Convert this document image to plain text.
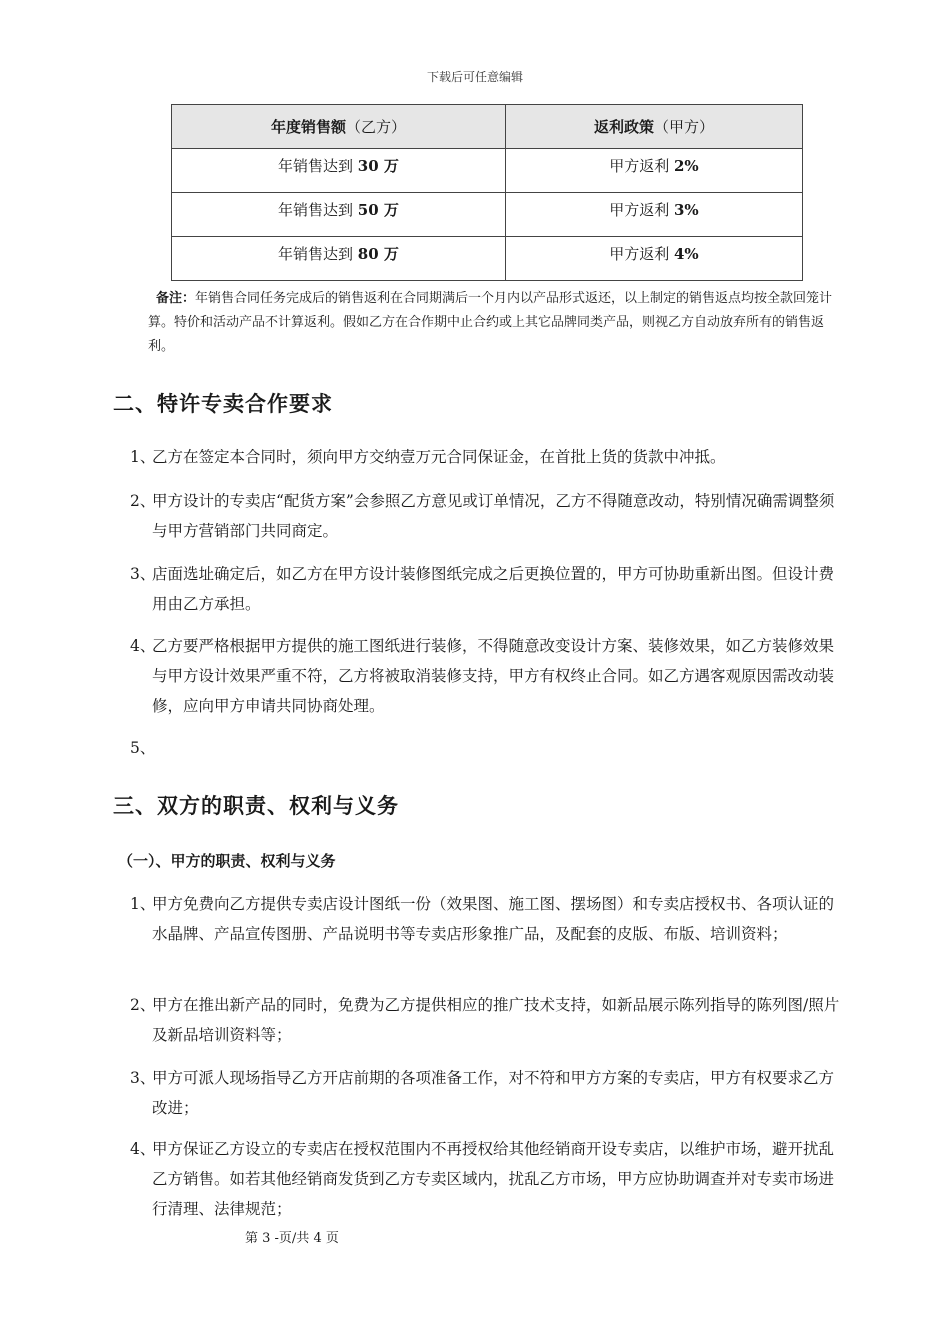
下载后可任意编辑
年度销售额（乙方）	返利政策（甲方）
年销售达到 30 万	甲方返利 2%
年销售达到 50 万	甲方返利 3%
年销售达到 80 万	甲方返利 4%
备注：年销售合同任务完成后的销售返利在合同期满后一个月内以产品形式返还，以上制定的销售返点均按全款回笼计算。特价和活动产品不计算返利。假如乙方在合作期中止合约或上其它品牌同类产品，则视乙方自动放弃所有的销售返利。
二、特许专卖合作要求
1、
乙方在签定本合同时，须向甲方交纳壹万元合同保证金，在首批上货的货款中冲抵。
2、
甲方设计的专卖店“配货方案”会参照乙方意见或订单情况，乙方不得随意改动，特别情况确需调整须与甲方营销部门共同商定。
3、
店面选址确定后，如乙方在甲方设计装修图纸完成之后更换位置的，甲方可协助重新出图。但设计费用由乙方承担。
4、
乙方要严格根据甲方提供的施工图纸进行装修，不得随意改变设计方案、装修效果，如乙方装修效果与甲方设计效果严重不符，乙方将被取消装修支持，甲方有权终止合同。如乙方遇客观原因需改动装修，应向甲方申请共同协商处理。
5、
三、双方的职责、权利与义务
（一）、甲方的职责、权利与义务
1、
甲方免费向乙方提供专卖店设计图纸一份（效果图、施工图、摆场图）和专卖店授权书、各项认证的水晶牌、产品宣传图册、产品说明书等专卖店形象推广品，及配套的皮版、布版、培训资料；
2、
甲方在推出新产品的同时，免费为乙方提供相应的推广技术支持，如新品展示陈列指导的陈列图/照片及新品培训资料等；
3、
甲方可派人现场指导乙方开店前期的各项准备工作，对不符和甲方方案的专卖店，甲方有权要求乙方改进；
4、
甲方保证乙方设立的专卖店在授权范围内不再授权给其他经销商开设专卖店，以维护市场，避开扰乱乙方销售。如若其他经销商发货到乙方专卖区域内，扰乱乙方市场，甲方应协助调查并对专卖市场进行清理、法律规范；
第 3 -页/共 4 页
